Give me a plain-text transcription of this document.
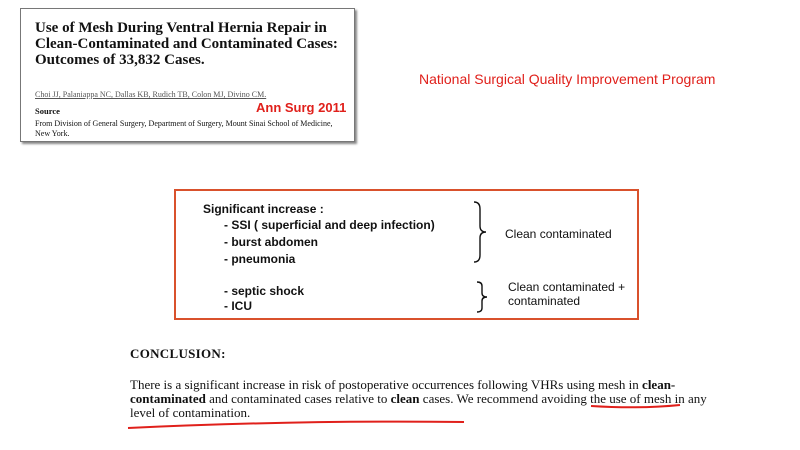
Use of Mesh During Ventral Hernia Repair in Clean-Contaminated and Contaminated Cases: Outcomes of 33,832 Cases.
Choi JJ, Palaniappa NC, Dallas KB, Rudich TB, Colon MJ, Divino CM.
Ann Surg 2011
Source
From Division of General Surgery, Department of Surgery, Mount Sinai School of Medicine, New York.
National Surgical Quality Improvement Program
Significant increase :
- SSI ( superficial and deep infection)
- burst abdomen
- pneumonia
- septic shock
- ICU
Clean contaminated
Clean contaminated +
contaminated
CONCLUSION:

There is a significant increase in risk of postoperative occurrences following VHRs using mesh in clean-contaminated and contaminated cases relative to clean cases. We recommend avoiding the use of mesh in any level of contamination.
